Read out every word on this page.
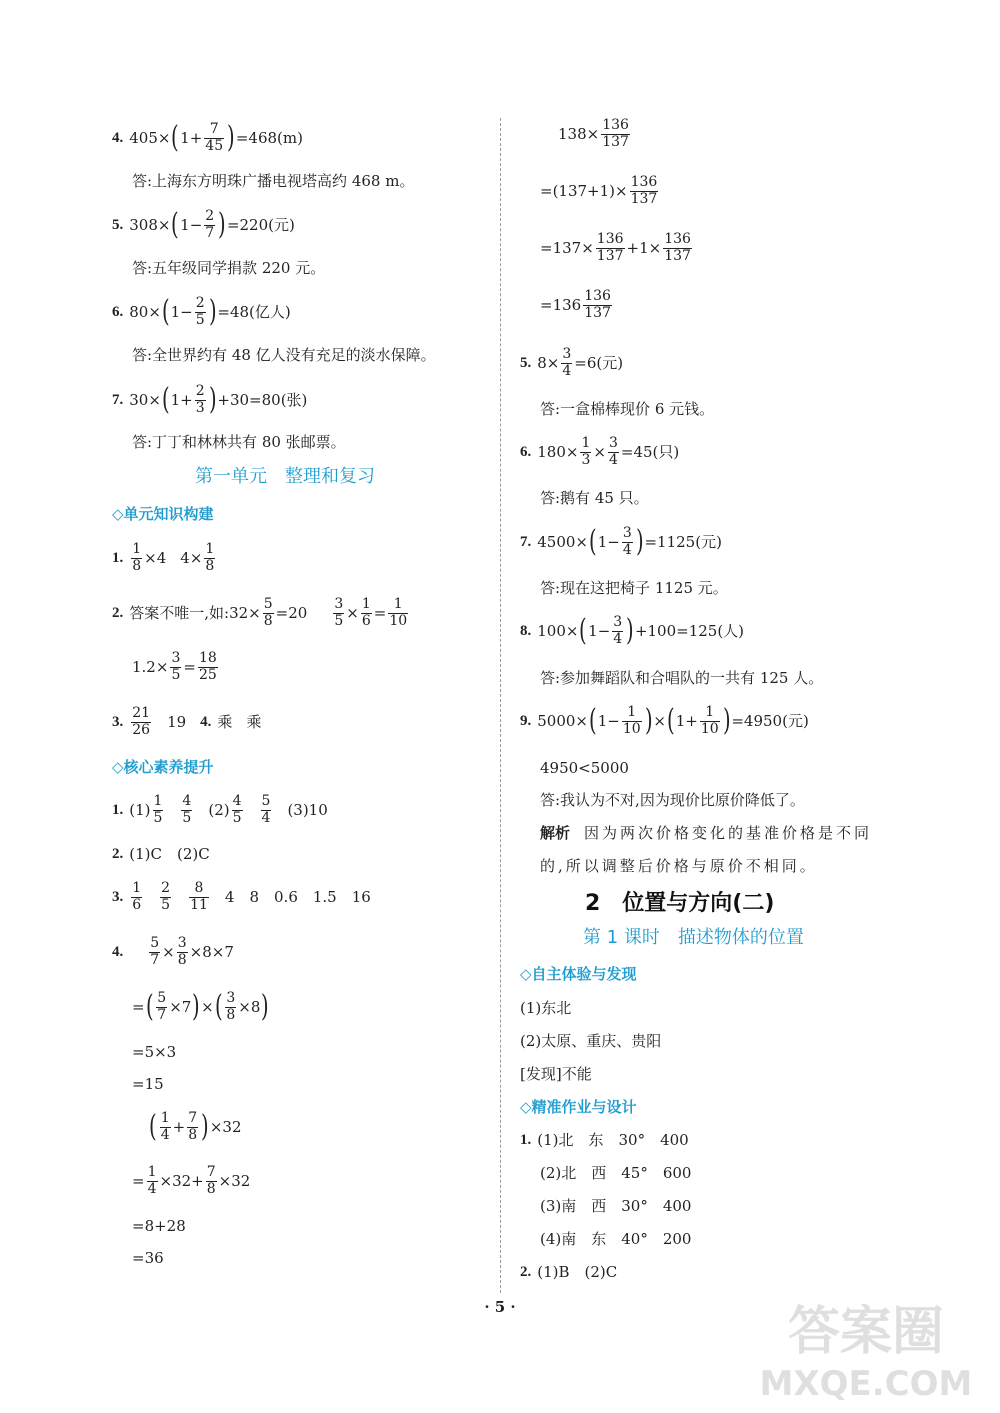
4. 405× ( $1+ \frac{7}{45}$ ) =468(m)
答:上海东方明珠广播电视塔高约 468 m。
5. 308× ( $1- \frac{2}{7}$ ) =220(元)
答:五年级同学捐款 220 元。
6. 80× ( $1- \frac{2}{5}$ ) =48(亿人)
答:全世界约有 48 亿人没有充足的淡水保障。
7. 30× ( $1+ \frac{2}{3}$ ) +30=80(张)
答:丁丁和林林共有 80 张邮票。
第一单元　整理和复习
◇单元知识构建
1. $\frac{1}{8} \times 4$ $4\times \frac{1}{8}$
2. 答案不唯一,如:32× $\frac{5}{8} =20 \frac{3}{5} \times \frac{1}{6} = \frac{1}{10}$
$1.2\times \frac{3}{5} = \frac{18}{25}$
3. $\frac{21}{26} 19$ 4. 乘 乘
◇核心素养提升
1. $(1) \frac{1}{5} \frac{4}{5} (2) \frac{4}{5} \frac{5}{4} (3)10$
2. (1)C　(2)C
3. $\frac{1}{6} \frac{2}{5} \frac{8}{11} 4$　8　0.6　1.5　16
4. $\frac{5}{7} \times \frac{3}{8} \times 8\times 7$
= ( $\frac{5}{7} \times 7$ ) × ( $\frac{3}{8} \times 8$ )
=5×3
=15
( $\frac{1}{4} + \frac{7}{8}$ ) ×32
= $\frac{1}{4} \times 32+ \frac{7}{8} \times 32$
=8+28
=36
$138\times \frac{136}{137}$
$=(137+1)\times \frac{136}{137}$
$=137\times \frac{136}{137} +1\times \frac{136}{137}$
$=136 \frac{136}{137}$
5. $8\times \frac{3}{4} =6$(元)
答:一盒棉棒现价 6 元钱。
6. $180\times \frac{1}{3} \times \frac{3}{4} =45$(只)
答:鹅有 45 只。
7. 4500× ( $1- \frac{3}{4}$ ) =1125(元)
答:现在这把椅子 1125 元。
8. 100× ( $1- \frac{3}{4}$ ) +100=125(人)
答:参加舞蹈队和合唱队的一共有 125 人。
9. 5000× ( $1- \frac{1}{10}$ ) × ( $1+ \frac{1}{10}$ ) =4950(元)
4950<5000
答:我认为不对,因为现价比原价降低了。
解析 因为两次价格变化的基准价格是不同
的,所以调整后价格与原价不相同。
2　位置与方向(二)
第 1 课时　描述物体的位置
◇自主体验与发现
(1)东北
(2)太原、重庆、贵阳
[发现]不能
◇精准作业与设计
1. (1)北　东　30°　400
(2)北　西　45°　600
(3)南　西　30°　400
(4)南　东　40°　200
2. (1)B　(2)C
· 5 ·	答案圈
MXQE.COM
